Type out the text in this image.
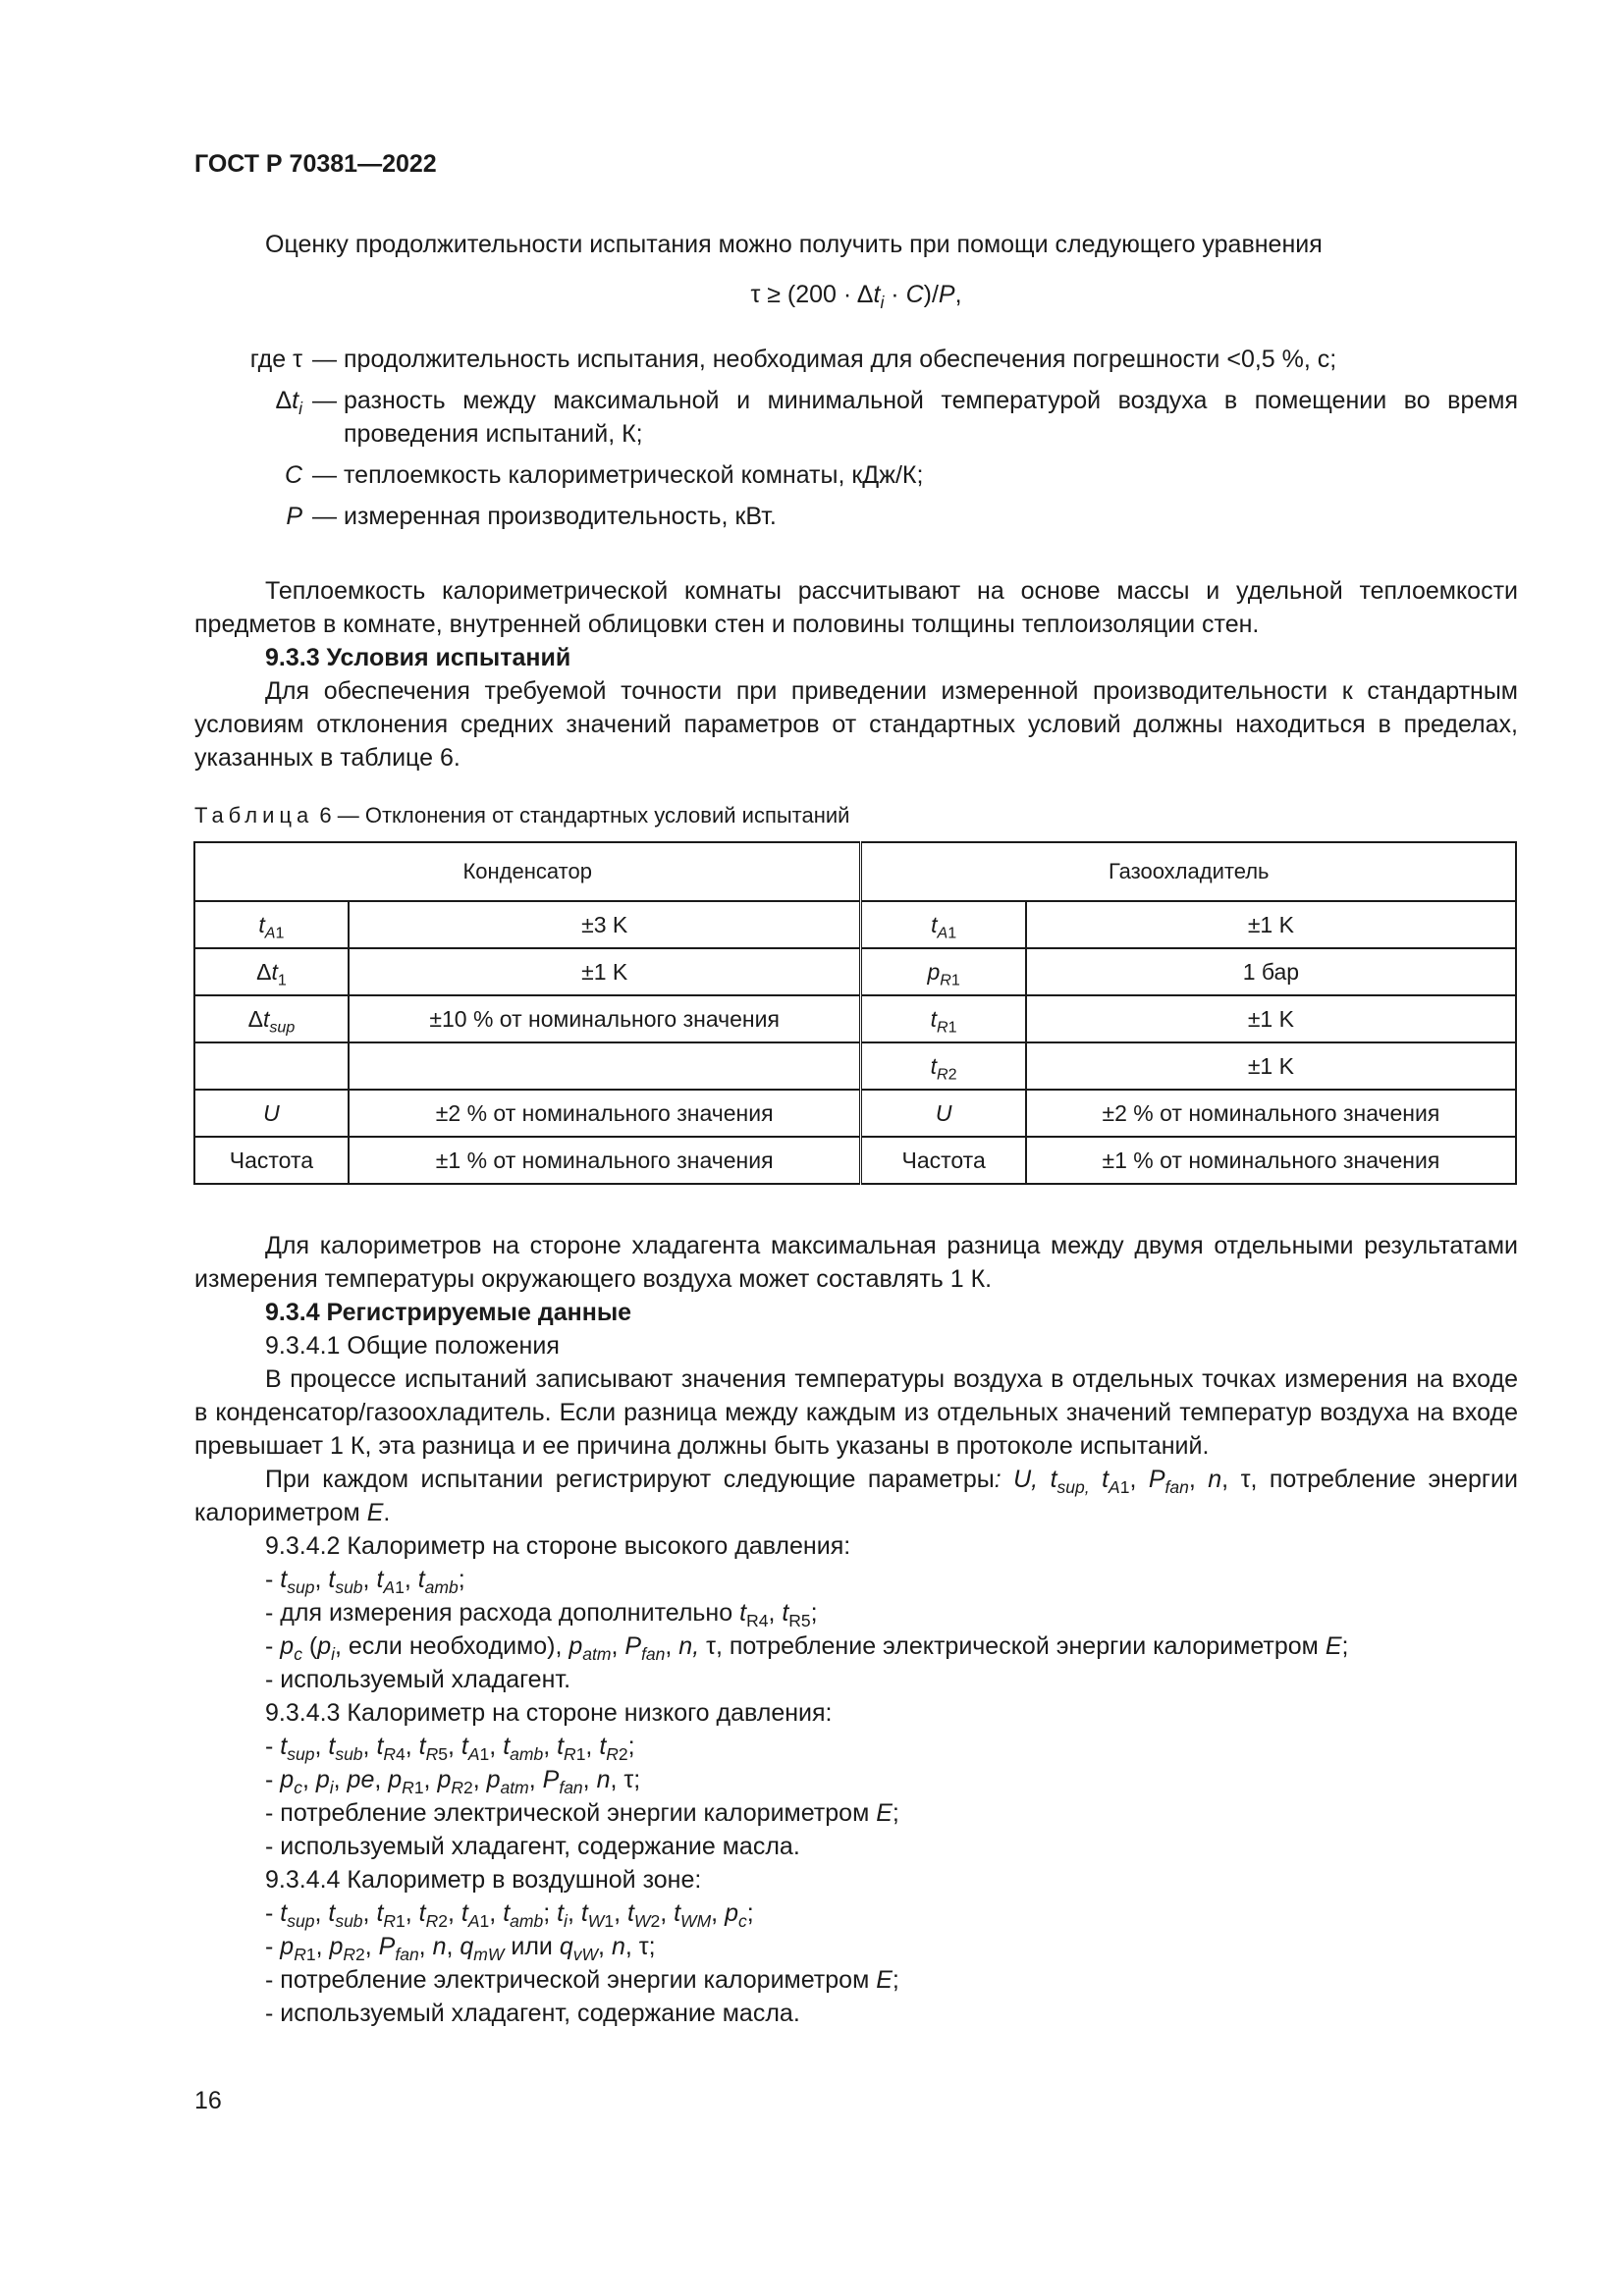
ГОСТ Р 70381—2022

Оценку продолжительности испытания можно получить при помощи следующего уравнения

$\tau \ge (200 \cdot \Delta t_i \cdot C)/P$,
где τ — продолжительность испытания, необходимая для обеспечения погрешности <0,5 %, с;
$\Delta t_i$ — разность между максимальной и минимальной температурой воздуха в помещении во время проведения испытаний, К;
C — теплоемкость калориметрической комнаты, кДж/К;
P — измеренная производительность, кВт.

Теплоемкость калориметрической комнаты рассчитывают на основе массы и удельной теплоемкости предметов в комнате, внутренней облицовки стен и половины толщины теплоизоляции стен.

9.3.3 Условия испытаний

Для обеспечения требуемой точности при приведении измеренной производительности к стандартным условиям отклонения средних значений параметров от стандартных условий должны находиться в пределах, указанных в таблице 6.

Таблица 6 — Отклонения от стандартных условий испытаний
Конденсатор		Газоохладитель	
$t_{A1}$	±3 K	$t_{A1}$	±1 K
$\Delta t_1$	±1 K	$p_{R1}$	1 бар
$\Delta t_{sup}$	±10 % от номинального значения	$t_{R1}$	±1 K
		$t_{R2}$	±1 K
U	±2 % от номинального значения	U	±2 % от номинального значения
Частота	±1 % от номинального значения	Частота	±1 % от номинального значения

Для калориметров на стороне хладагента максимальная разница между двумя отдельными результатами измерения температуры окружающего воздуха может составлять 1 К.

9.3.4 Регистрируемые данные

9.3.4.1 Общие положения

В процессе испытаний записывают значения температуры воздуха в отдельных точках измерения на входе в конденсатор/газоохладитель. Если разница между каждым из отдельных значений температур воздуха на входе превышает 1 К, эта разница и ее причина должны быть указаны в протоколе испытаний.

При каждом испытании регистрируют следующие параметры: U, $t_{sup,}$ $t_{A1}$, $P_{fan}$, n, τ, потребление энергии калориметром E.

9.3.4.2 Калориметр на стороне высокого давления:

- $t_{sup}$, $t_{sub}$, $t_{A1}$, $t_{amb}$;

- для измерения расхода дополнительно $t_{R4}$, $t_{R5}$;

- $p_c$ ($p_i$, если необходимо), $p_{atm}$, $P_{fan}$, n, τ, потребление электрической энергии калориметром E;

- используемый хладагент.

9.3.4.3 Калориметр на стороне низкого давления:

- $t_{sup}$, $t_{sub}$, $t_{R4}$, $t_{R5}$, $t_{A1}$, $t_{amb}$, $t_{R1}$, $t_{R2}$;

- $p_c$, $p_i$, pe, $p_{R1}$, $p_{R2}$, $p_{atm}$, $P_{fan}$, n, τ;

- потребление электрической энергии калориметром E;

- используемый хладагент, содержание масла.

9.3.4.4 Калориметр в воздушной зоне:

- $t_{sup}$, $t_{sub}$, $t_{R1}$, $t_{R2}$, $t_{A1}$, $t_{amb}$; $t_i$, $t_{W1}$, $t_{W2}$, $t_{WM}$, $p_c$;

- $p_{R1}$, $p_{R2}$, $P_{fan}$, n, $q_{mW}$ или $q_{vW}$, n, τ;

- потребление электрической энергии калориметром E;

- используемый хладагент, содержание масла.

16
